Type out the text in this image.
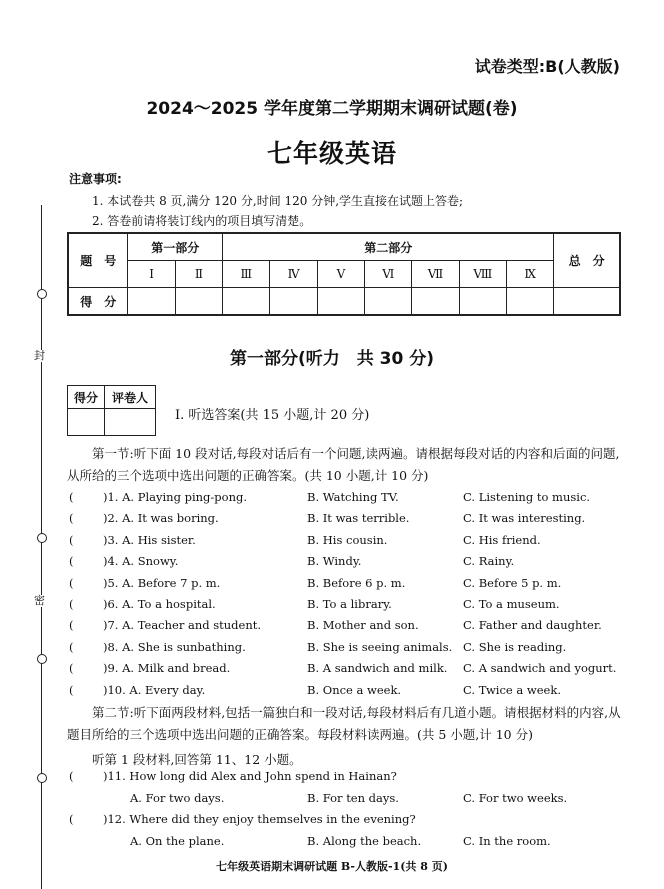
封
密
试卷类型:B(人教版)
2024～2025 学年度第二学期期末调研试题(卷)
七年级英语
注意事项:
1. 本试卷共 8 页,满分 120 分,时间 120 分钟,学生直接在试题上答卷;
2. 答卷前请将装订线内的项目填写清楚。
题　号	第一部分		第二部分							总　分
	Ⅰ	Ⅱ	Ⅲ	Ⅳ	Ⅴ	Ⅵ	Ⅶ	Ⅷ	Ⅸ	
得　分										
第一部分(听力　共 30 分)
得分	评卷人

Ⅰ. 听选答案(共 15 小题,计 20 分)
第一节:听下面 10 段对话,每段对话后有一个问题,读两遍。请根据每段对话的内容和后面的问题,从所给的三个选项中选出问题的正确答案。(共 10 小题,计 10 分)
(	)1. A. Playing ping-pong.	B. Watching TV.	C. Listening to music.
(	)2. A. It was boring.	B. It was terrible.	C. It was interesting.
(	)3. A. His sister.	B. His cousin.	C. His friend.
(	)4. A. Snowy.	B. Windy.	C. Rainy.
(	)5. A. Before 7 p. m.	B. Before 6 p. m.	C. Before 5 p. m.
(	)6. A. To a hospital.	B. To a library.	C. To a museum.
(	)7. A. Teacher and student.	B. Mother and son.	C. Father and daughter.
(	)8. A. She is sunbathing.	B. She is seeing animals. C. She is reading.
(	)9. A. Milk and bread.	B. A sandwich and milk. C. A sandwich and yogurt.
(	)10. A. Every day.	B. Once a week.	C. Twice a week.
第二节:听下面两段材料,包括一篇独白和一段对话,每段材料后有几道小题。请根据材料的内容,从题目所给的三个选项中选出问题的正确答案。每段材料读两遍。(共 5 小题,计 10 分)
听第 1 段材料,回答第 11、12 小题。
(	)11. How long did Alex and John spend in Hainan?
A. For two days.	B. For ten days.	C. For two weeks.
(	)12. Where did they enjoy themselves in the evening?
A. On the plane.	B. Along the beach.	C. In the room.
七年级英语期末调研试题 B-人教版-1(共 8 页)
